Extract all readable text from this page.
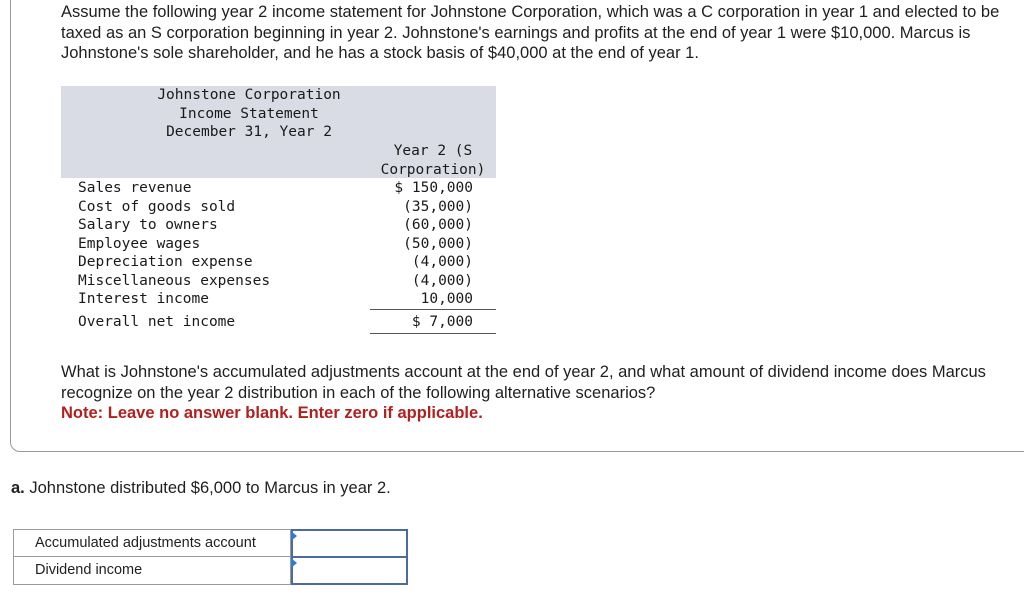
Assume the following year 2 income statement for Johnstone Corporation, which was a C corporation in year 1 and elected to be taxed as an S corporation beginning in year 2. Johnstone's earnings and profits at the end of year 1 were $10,000. Marcus is Johnstone's sole shareholder, and he has a stock basis of $40,000 at the end of year 1.

Johnstone Corporation
Income Statement
December 31, Year 2
Year 2 (S
Corporation)
Sales revenue	$ 150,000
Cost of goods sold	(35,000)
Salary to owners	(60,000)
Employee wages	(50,000)
Depreciation expense	(4,000)
Miscellaneous expenses	(4,000)
Interest income	10,000
Overall net income	$ 7,000

What is Johnstone's accumulated adjustments account at the end of year 2, and what amount of dividend income does Marcus recognize on the year 2 distribution in each of the following alternative scenarios?
Note: Leave no answer blank. Enter zero if applicable.

a. Johnstone distributed $6,000 to Marcus in year 2.

Accumulated adjustments account
Dividend income
